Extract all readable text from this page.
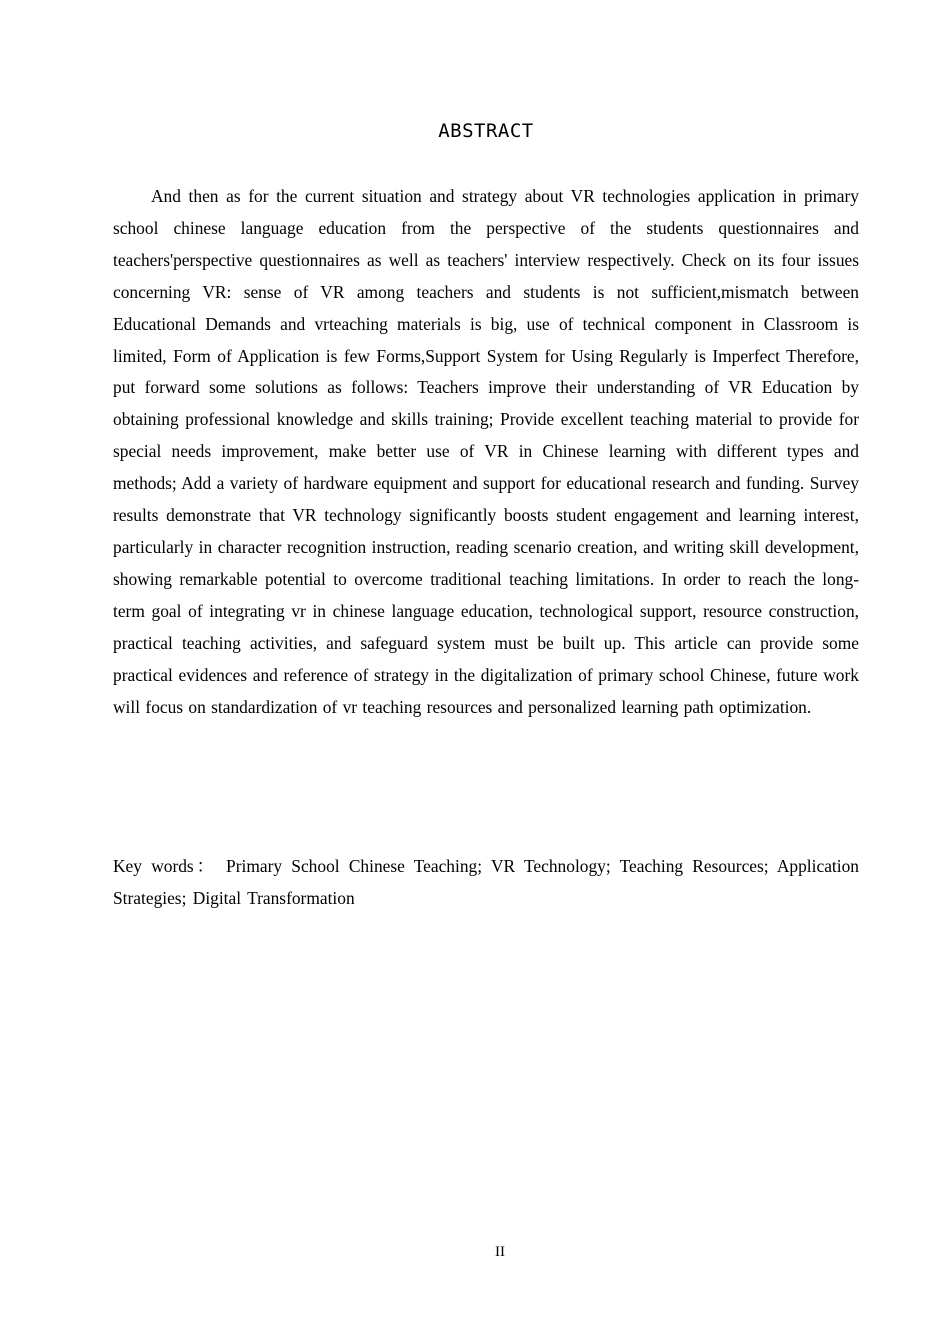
ABSTRACT

And then as for the current situation and strategy about VR technologies application in primary school chinese language education from the perspective of the students questionnaires and teachers'perspective questionnaires as well as teachers' interview respectively. Check on its four issues concerning VR: sense of VR among teachers and students is not sufficient,mismatch between Educational Demands and vrteaching materials is big, use of technical component in Classroom is limited, Form of Application is few Forms,Support System for Using Regularly is Imperfect Therefore, put forward some solutions as follows: Teachers improve their understanding of VR Education by obtaining professional knowledge and skills training; Provide excellent teaching material to provide for special needs improvement, make better use of VR in Chinese learning with different types and methods; Add a variety of hardware equipment and support for educational research and funding. Survey results demonstrate that VR technology significantly boosts student engagement and learning interest, particularly in character recognition instruction, reading scenario creation, and writing skill development, showing remarkable potential to overcome traditional teaching limitations. In order to reach the long-term goal of integrating vr in chinese language education, technological support, resource construction, practical teaching activities, and safeguard system must be built up. This article can provide some practical evidences and reference of strategy in the digitalization of primary school Chinese, future work will focus on standardization of vr teaching resources and personalized learning path optimization.

Key words： Primary School Chinese Teaching; VR Technology; Teaching Resources; Application Strategies; Digital Transformation

II
